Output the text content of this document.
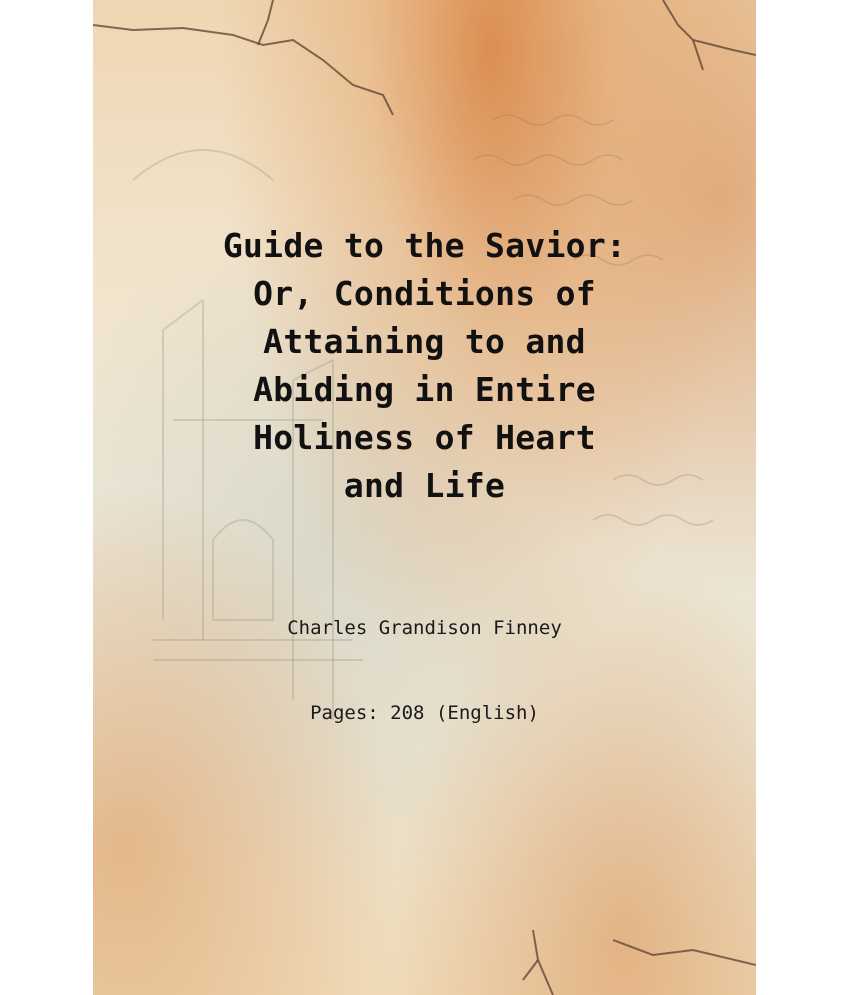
Guide to the Savior:
Or, Conditions of
Attaining to and
Abiding in Entire
Holiness of Heart
and Life
Charles Grandison Finney
Pages: 208 (English)
